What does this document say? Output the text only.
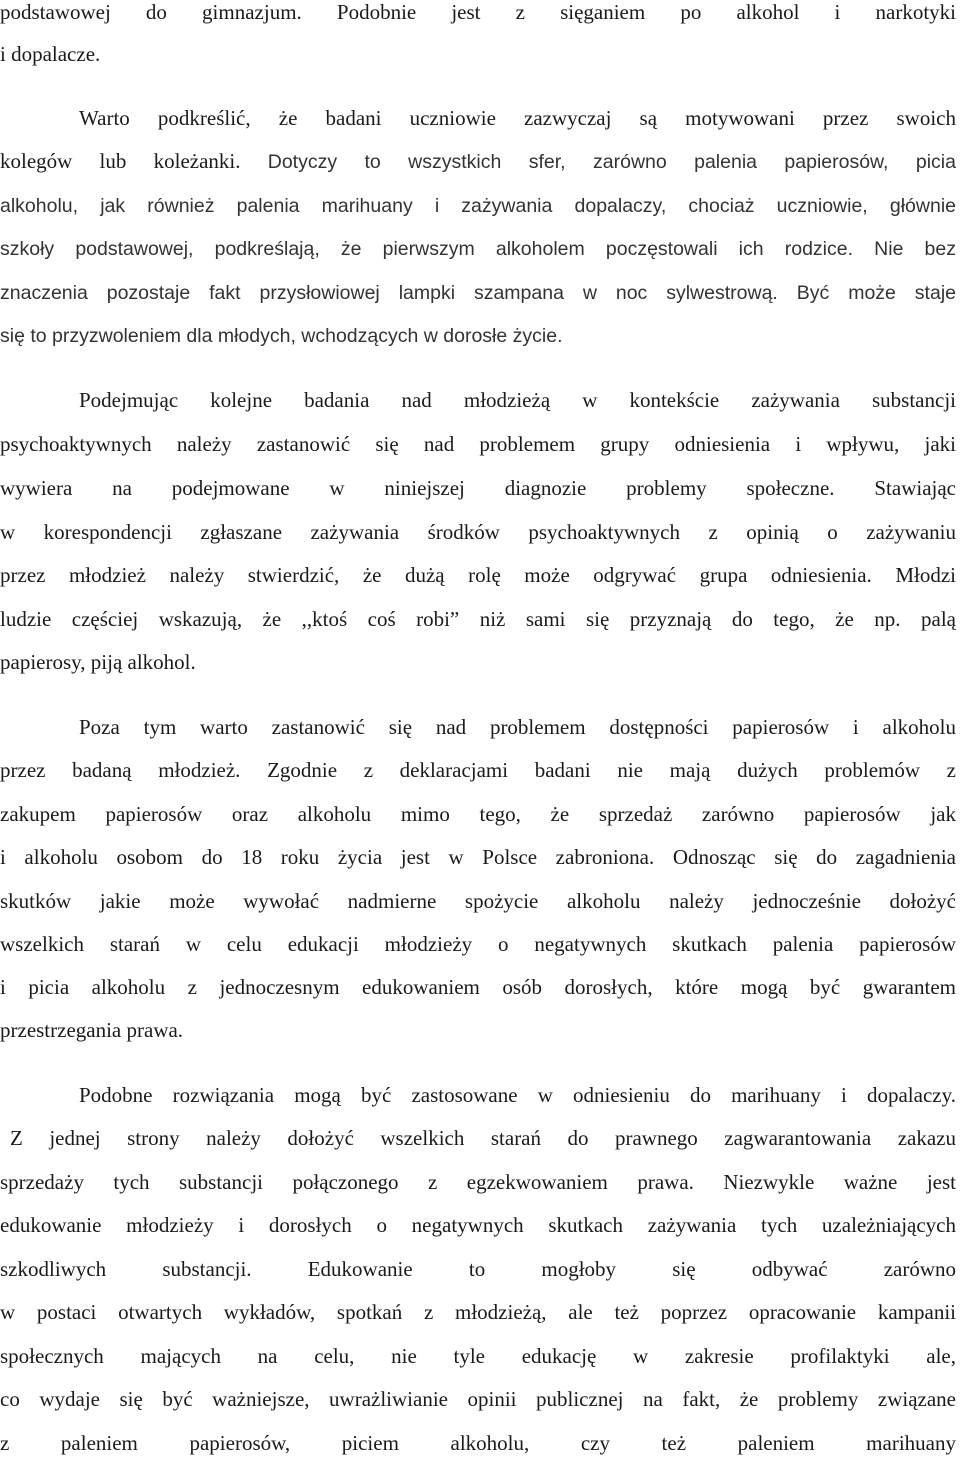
podstawowej do gimnazjum. Podobnie jest z sięganiem po alkohol i narkotyki
i dopalacze.
Warto podkreślić, że badani uczniowie zazwyczaj są motywowani przez swoich
kolegów lub koleżanki. Dotyczy to wszystkich sfer, zarówno palenia papierosów, picia
alkoholu, jak również palenia marihuany i zażywania dopalaczy, chociaż uczniowie, głównie
szkoły podstawowej, podkreślają, że pierwszym alkoholem poczęstowali ich rodzice. Nie bez
znaczenia pozostaje fakt przysłowiowej lampki szampana w noc sylwestrową. Być może staje
się to przyzwoleniem dla młodych, wchodzących w dorosłe życie.
Podejmując kolejne badania nad młodzieżą w kontekście zażywania substancji
psychoaktywnych należy zastanowić się nad problemem grupy odniesienia i wpływu, jaki
wywiera na podejmowane w niniejszej diagnozie problemy społeczne. Stawiając
w korespondencji zgłaszane zażywania środków psychoaktywnych z opinią o zażywaniu
przez młodzież należy stwierdzić, że dużą rolę może odgrywać grupa odniesienia. Młodzi
ludzie częściej wskazują, że ,,ktoś coś robi” niż sami się przyznają do tego, że np. palą
papierosy, piją alkohol.
Poza tym warto zastanowić się nad problemem dostępności papierosów i alkoholu
przez badaną młodzież. Zgodnie z deklaracjami badani nie mają dużych problemów z
zakupem papierosów oraz alkoholu mimo tego, że sprzedaż zarówno papierosów jak
i alkoholu osobom do 18 roku życia jest w Polsce zabroniona. Odnosząc się do zagadnienia
skutków jakie może wywołać nadmierne spożycie alkoholu należy jednocześnie dołożyć
wszelkich starań w celu edukacji młodzieży o negatywnych skutkach palenia papierosów
i picia alkoholu z jednoczesnym edukowaniem osób dorosłych, które mogą być gwarantem
przestrzegania prawa.
Podobne rozwiązania mogą być zastosowane w odniesieniu do marihuany i dopalaczy.
Z jednej strony należy dołożyć wszelkich starań do prawnego zagwarantowania zakazu
sprzedaży tych substancji połączonego z egzekwowaniem prawa. Niezwykle ważne jest
edukowanie młodzieży i dorosłych o negatywnych skutkach zażywania tych uzależniających
szkodliwych substancji. Edukowanie to mogłoby się odbywać zarówno
w postaci otwartych wykładów, spotkań z młodzieżą, ale też poprzez opracowanie kampanii
społecznych mających na celu, nie tyle edukację w zakresie profilaktyki ale,
co wydaje się być ważniejsze, uwrażliwianie opinii publicznej na fakt, że problemy związane
z paleniem papierosów, piciem alkoholu, czy też paleniem marihuany
